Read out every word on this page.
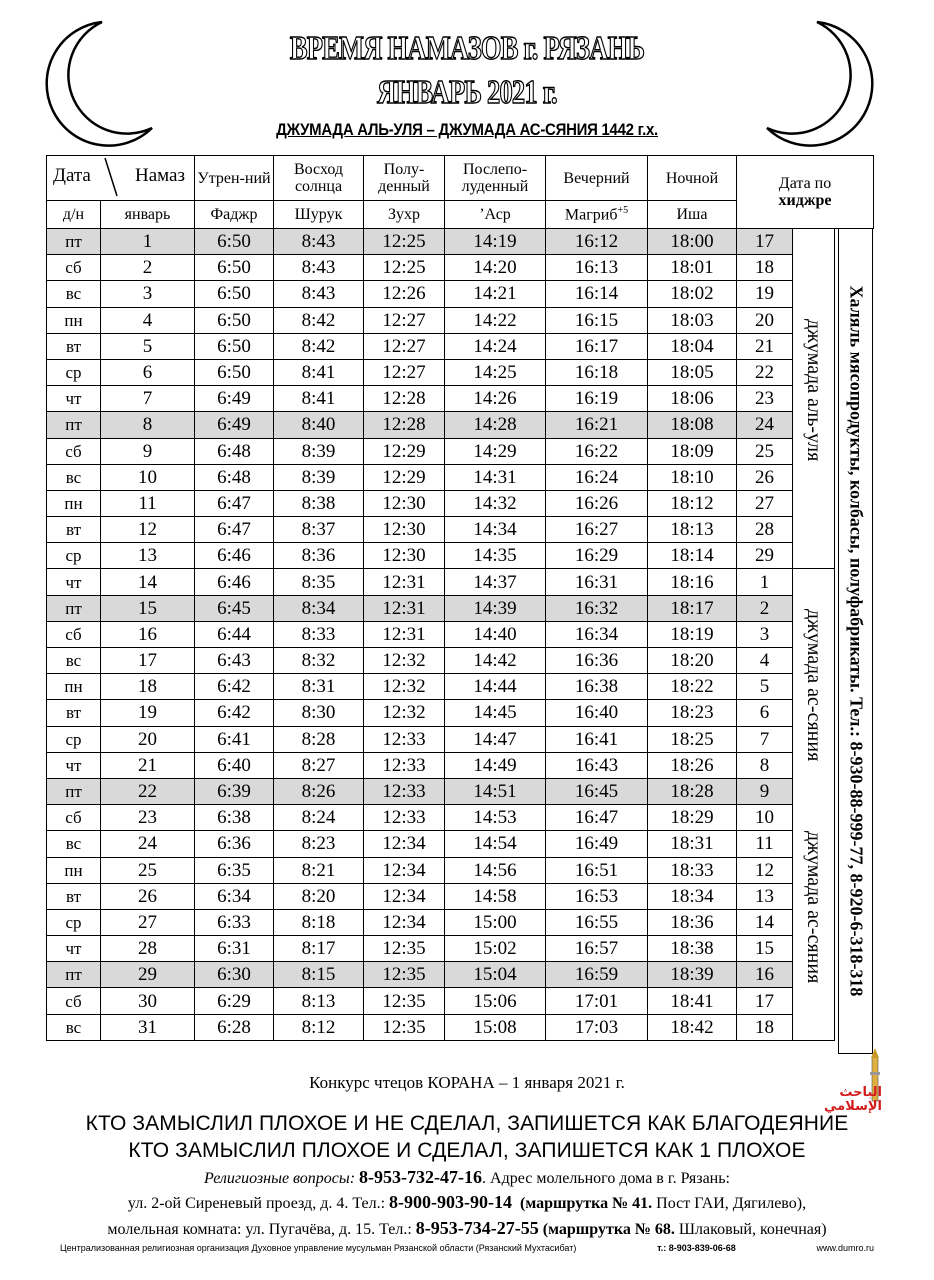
ВРЕМЯ НАМАЗОВ г. РЯЗАНЬ
ЯНВАРЬ 2021 г.
ДЖУМАДА АЛЬ-УЛЯ – ДЖУМАДА АС-СЯНИЯ 1442 г.х.
Дата Намаз		Утрен-ний	Восход солнца	Полу-денный	Послепо-луденный	Вечерний	Ночной	Дата по
хиджре		
д/н	январь	Фаджр	Шурук	Зухр	’Аср	Магриб$^{+5}$	Иша			
пт	1	6:50	8:43	12:25	14:19	16:12	18:00	17	джумада аль-уля	

сб	2	6:50	8:43	12:25	14:20	16:13	18:01	18		
вс	3	6:50	8:43	12:26	14:21	16:14	18:02	19		
пн	4	6:50	8:42	12:27	14:22	16:15	18:03	20		
вт	5	6:50	8:42	12:27	14:24	16:17	18:04	21		
ср	6	6:50	8:41	12:27	14:25	16:18	18:05	22		
чт	7	6:49	8:41	12:28	14:26	16:19	18:06	23		
пт	8	6:49	8:40	12:28	14:28	16:21	18:08	24		
сб	9	6:48	8:39	12:29	14:29	16:22	18:09	25		
вс	10	6:48	8:39	12:29	14:31	16:24	18:10	26		
пн	11	6:47	8:38	12:30	14:32	16:26	18:12	27		
вт	12	6:47	8:37	12:30	14:34	16:27	18:13	28		
ср	13	6:46	8:36	12:30	14:35	16:29	18:14	29		
чт	14	6:46	8:35	12:31	14:37	16:31	18:16	1	джумада ас-сяния
джумада ас-сяния	

пт	15	6:45	8:34	12:31	14:39	16:32	18:17	2		
сб	16	6:44	8:33	12:31	14:40	16:34	18:19	3		
вс	17	6:43	8:32	12:32	14:42	16:36	18:20	4		
пн	18	6:42	8:31	12:32	14:44	16:38	18:22	5		
вт	19	6:42	8:30	12:32	14:45	16:40	18:23	6		
ср	20	6:41	8:28	12:33	14:47	16:41	18:25	7		
чт	21	6:40	8:27	12:33	14:49	16:43	18:26	8		
пт	22	6:39	8:26	12:33	14:51	16:45	18:28	9		
сб	23	6:38	8:24	12:33	14:53	16:47	18:29	10		
вс	24	6:36	8:23	12:34	14:54	16:49	18:31	11		
пн	25	6:35	8:21	12:34	14:56	16:51	18:33	12		
вт	26	6:34	8:20	12:34	14:58	16:53	18:34	13		
ср	27	6:33	8:18	12:34	15:00	16:55	18:36	14		
чт	28	6:31	8:17	12:35	15:02	16:57	18:38	15		
пт	29	6:30	8:15	12:35	15:04	16:59	18:39	16		
сб	30	6:29	8:13	12:35	15:06	17:01	18:41	17		
вс	31	6:28	8:12	12:35	15:08	17:03	18:42	18		
Халяль мясопродукты, колбасы, полуфабрикаты. Тел.: 8-930-88-999-77, 8-920-6-318-318
Конкурс чтецов КОРАНА – 1 января 2021 г.
الباحث الإسلامي
КТО ЗАМЫСЛИЛ ПЛОХОЕ И НЕ СДЕЛАЛ, ЗАПИШЕТСЯ КАК БЛАГОДЕЯНИЕ
КТО ЗАМЫСЛИЛ ПЛОХОЕ И СДЕЛАЛ, ЗАПИШЕТСЯ КАК 1 ПЛОХОЕ
Религиозные вопросы: 8-953-732-47-16. Адрес молельного дома в г. Рязань:
ул. 2-ой Сиреневый проезд, д. 4. Тел.: 8-900-903-90-14 (маршрутка № 41. Пост ГАИ, Дягилево),
молельная комната: ул. Пугачёва, д. 15. Тел.: 8-953-734-27-55 (маршрутка № 68. Шлаковый, конечная)
Централизованная религиозная организация Духовное управление мусульман Рязанской области (Рязанский Мухтасибат)	т.: 8-903-839-06-68	www.dumro.ru
